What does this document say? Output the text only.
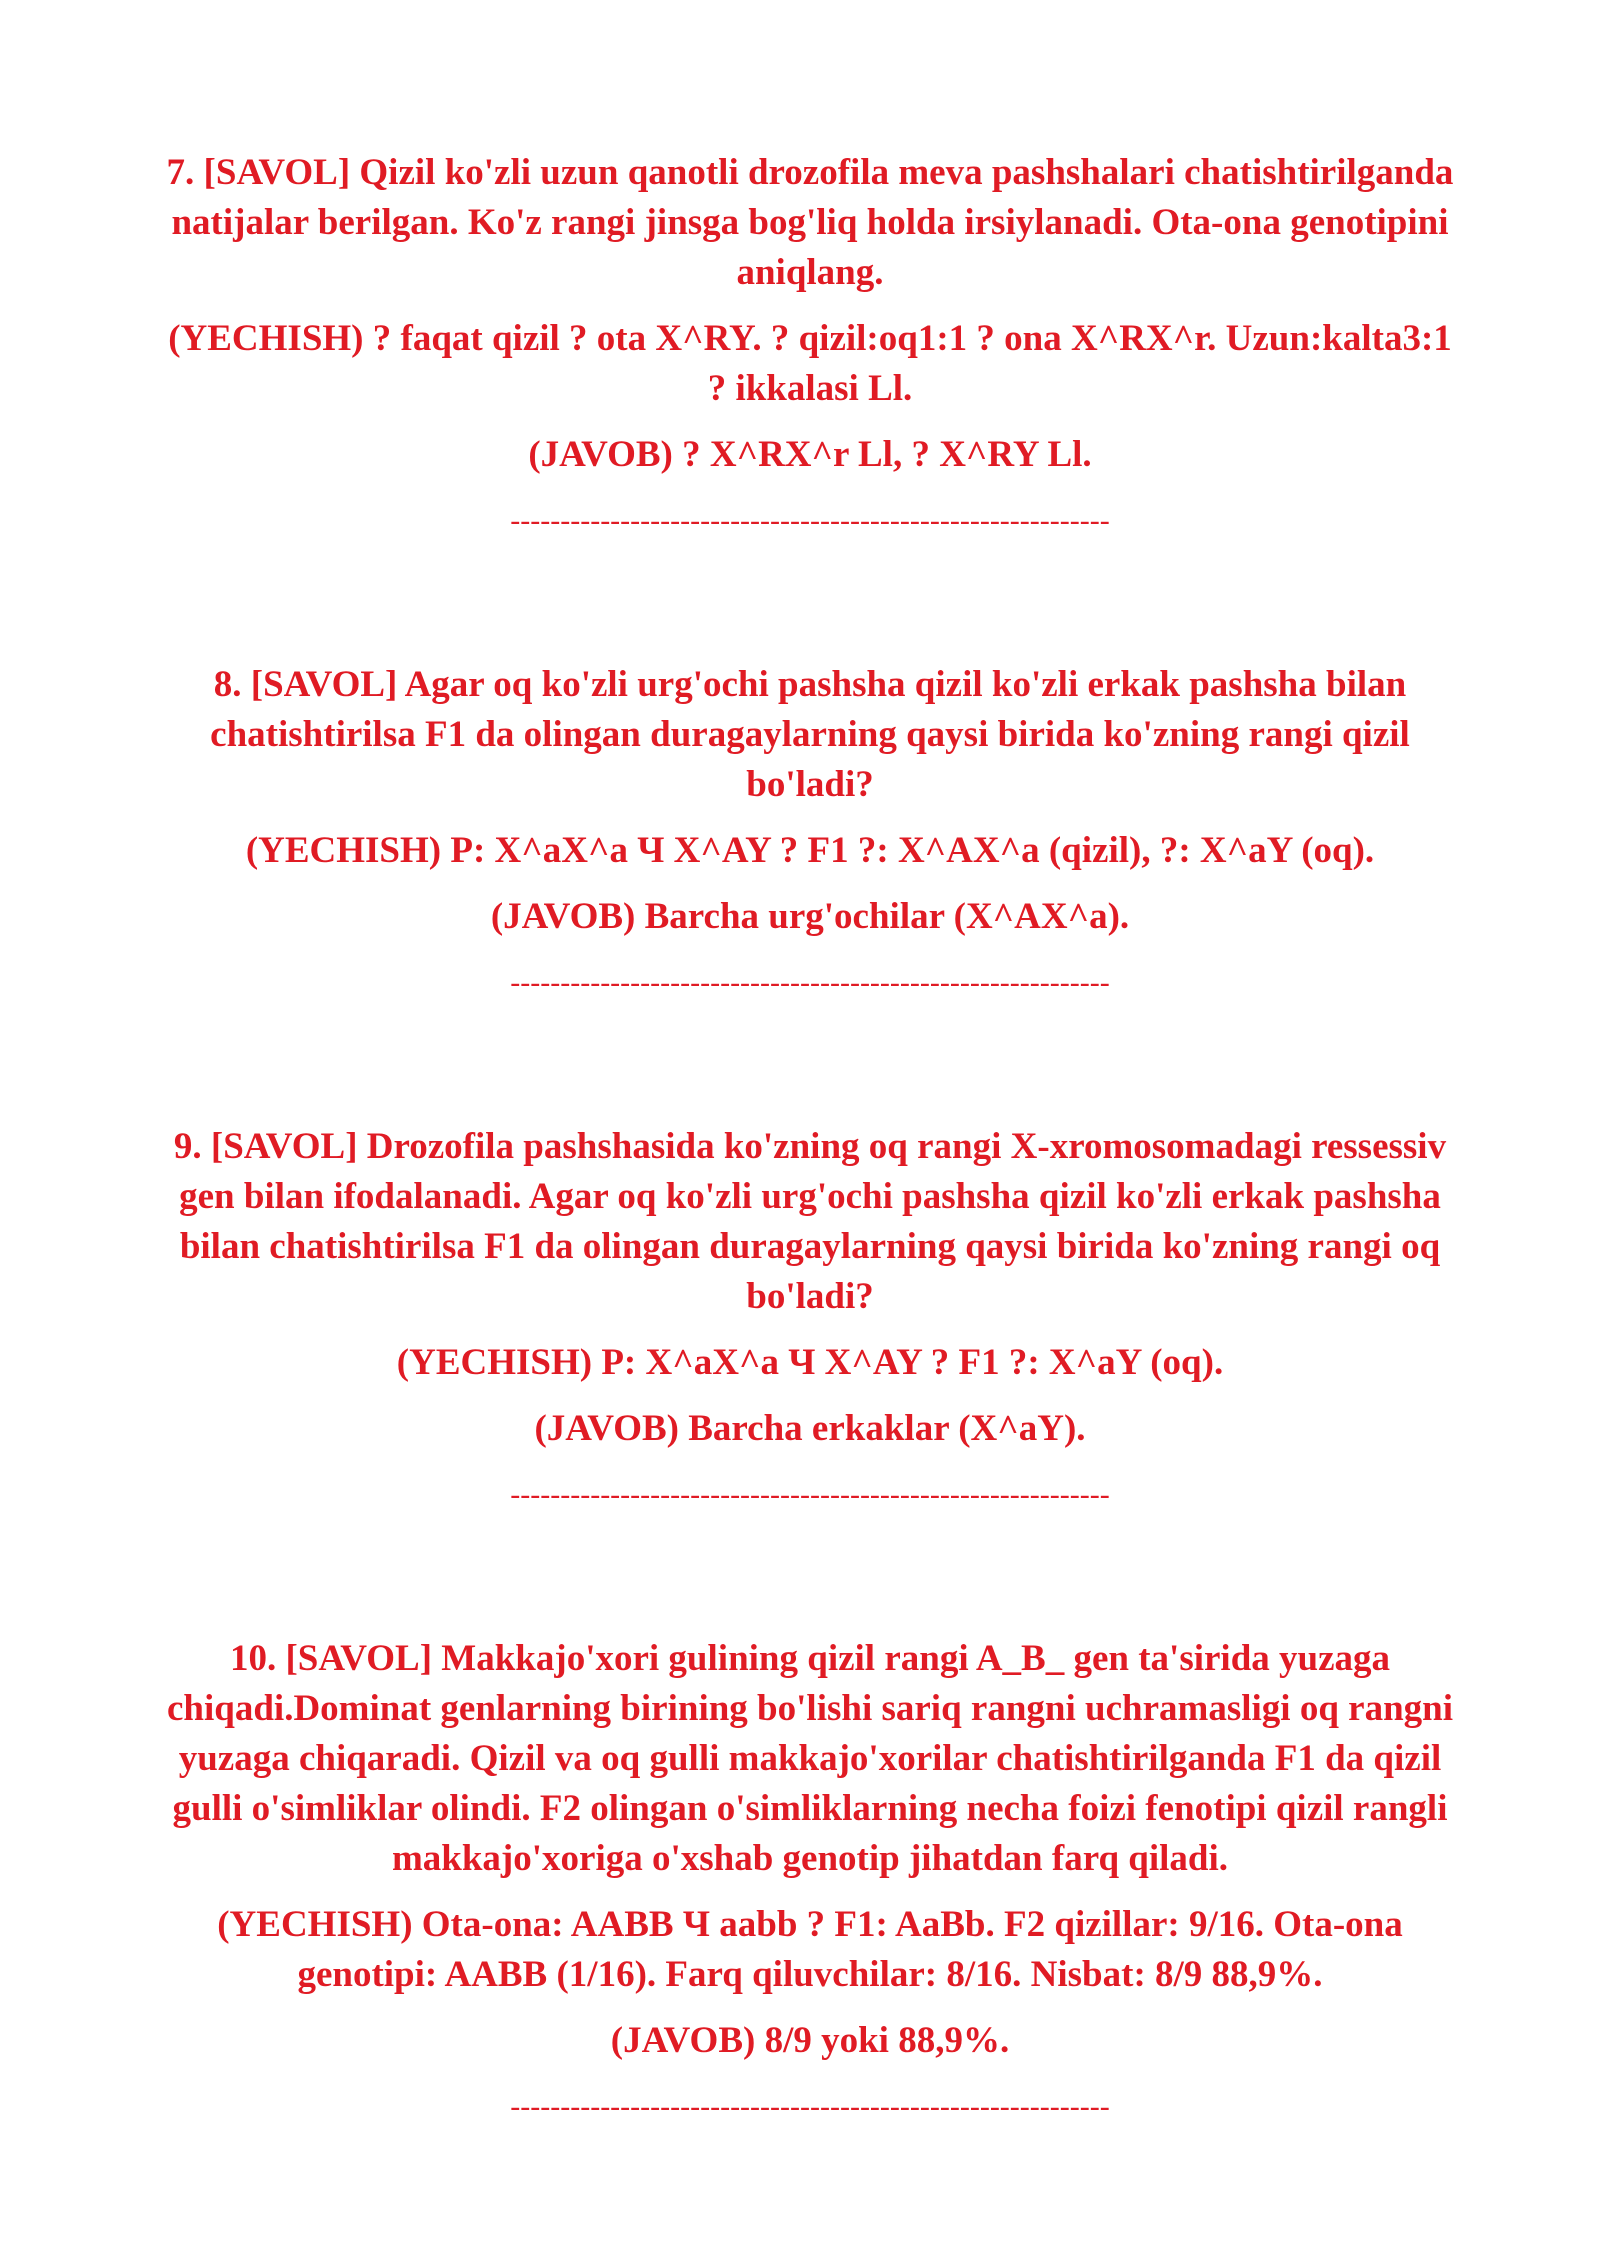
7. [SAVOL] Qizil ko'zli uzun qanotli drozofila meva pashshalari chatishtirilganda natijalar berilgan. Ko'z rangi jinsga bog'liq holda irsiylanadi. Ota-ona genotipini aniqlang.

(YECHISH) ? faqat qizil ? ota X^RY. ? qizil:oq1:1 ? ona X^RX^r. Uzun:kalta3:1 ? ikkalasi Ll.

(JAVOB) ? X^RX^r Ll, ? X^RY Ll.

------------------------------------------------------------

8. [SAVOL] Agar oq ko'zli urg'ochi pashsha qizil ko'zli erkak pashsha bilan chatishtirilsa F1 da olingan duragaylarning qaysi birida ko'zning rangi qizil bo'ladi?

(YECHISH) P: X^aX^a Ч X^AY ? F1 ?: X^AX^a (qizil), ?: X^aY (oq).

(JAVOB) Barcha urg'ochilar (X^AX^a).

------------------------------------------------------------

9. [SAVOL] Drozofila pashshasida ko'zning oq rangi X-xromosomadagi ressessiv gen bilan ifodalanadi. Agar oq ko'zli urg'ochi pashsha qizil ko'zli erkak pashsha bilan chatishtirilsa F1 da olingan duragaylarning qaysi birida ko'zning rangi oq bo'ladi?

(YECHISH) P: X^aX^a Ч X^AY ? F1 ?: X^aY (oq).

(JAVOB) Barcha erkaklar (X^aY).

------------------------------------------------------------

10. [SAVOL] Makkajo'xori gulining qizil rangi A_B_ gen ta'sirida yuzaga chiqadi.Dominat genlarning birining bo'lishi sariq rangni uchramasligi oq rangni yuzaga chiqaradi. Qizil va oq gulli makkajo'xorilar chatishtirilganda F1 da qizil gulli o'simliklar olindi. F2 olingan o'simliklarning necha foizi fenotipi qizil rangli makkajo'xoriga o'xshab genotip jihatdan farq qiladi.

(YECHISH) Ota-ona: AABB Ч aabb ? F1: AaBb. F2 qizillar: 9/16. Ota-ona genotipi: AABB (1/16). Farq qiluvchilar: 8/16. Nisbat: 8/9 88,9%.

(JAVOB) 8/9 yoki 88,9%.

------------------------------------------------------------
